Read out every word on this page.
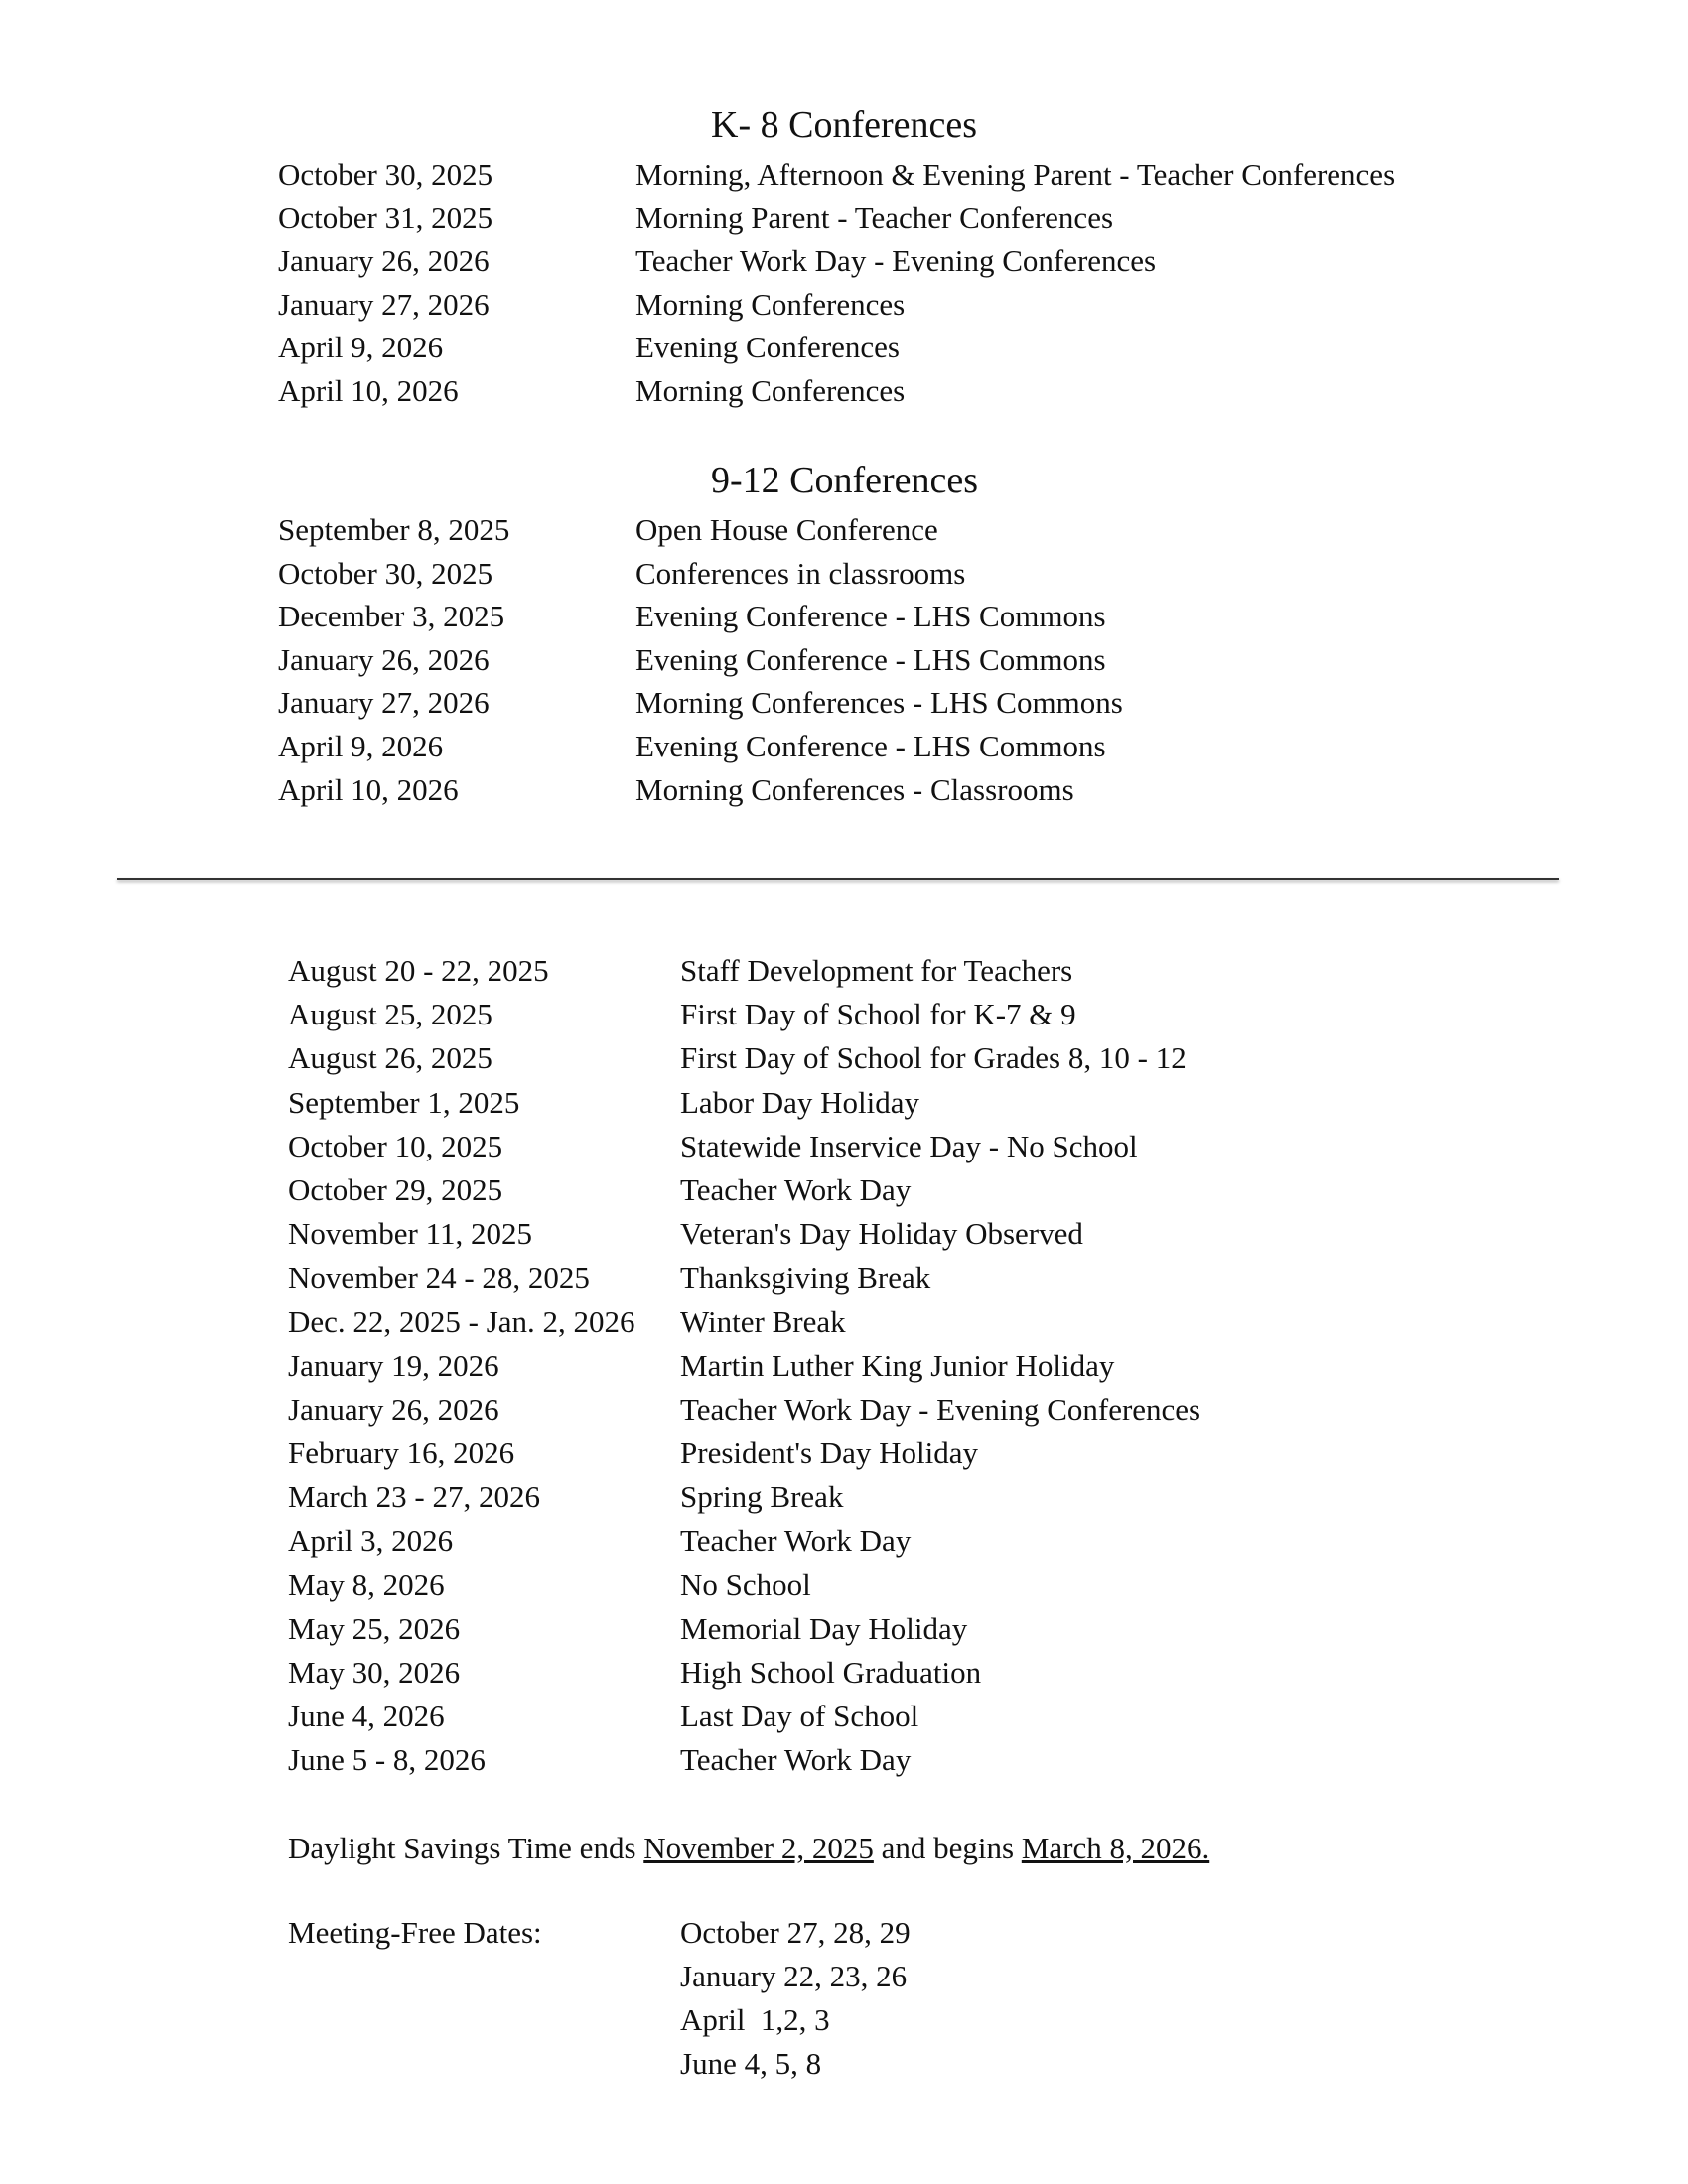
K- 8 Conferences
October 30, 2025	Morning, Afternoon & Evening Parent - Teacher Conferences
October 31, 2025	Morning Parent - Teacher Conferences
January 26, 2026	Teacher Work Day - Evening Conferences
January 27, 2026	Morning Conferences
April 9, 2026	Evening Conferences
April 10, 2026	Morning Conferences
9-12 Conferences
September 8, 2025	Open House Conference
October 30, 2025	Conferences in classrooms
December 3, 2025	Evening Conference - LHS Commons
January 26, 2026	Evening Conference - LHS Commons
January 27, 2026	Morning Conferences - LHS Commons
April 9, 2026	Evening Conference - LHS Commons
April 10, 2026	Morning Conferences - Classrooms
August 20 - 22, 2025	Staff Development for Teachers
August 25, 2025	First Day of School for K-7 & 9
August 26, 2025	First Day of School for Grades 8, 10 - 12
September 1, 2025	Labor Day Holiday
October 10, 2025	Statewide Inservice Day - No School
October 29, 2025	Teacher Work Day
November 11, 2025	Veteran's Day Holiday Observed
November 24 - 28, 2025	Thanksgiving Break
Dec. 22, 2025 - Jan. 2, 2026 Winter Break
January 19, 2026	Martin Luther King Junior Holiday
January 26, 2026	Teacher Work Day - Evening Conferences
February 16, 2026	President's Day Holiday
March 23 - 27, 2026	Spring Break
April 3, 2026	Teacher Work Day
May 8, 2026	No School
May 25, 2026	Memorial Day Holiday
May 30, 2026	High School Graduation
June 4, 2026	Last Day of School
June 5 - 8, 2026	Teacher Work Day
Daylight Savings Time ends November 2, 2025 and begins March 8, 2026.
Meeting-Free Dates:	October 27, 28, 29
January 22, 23, 26
April  1,2, 3
June 4, 5, 8
